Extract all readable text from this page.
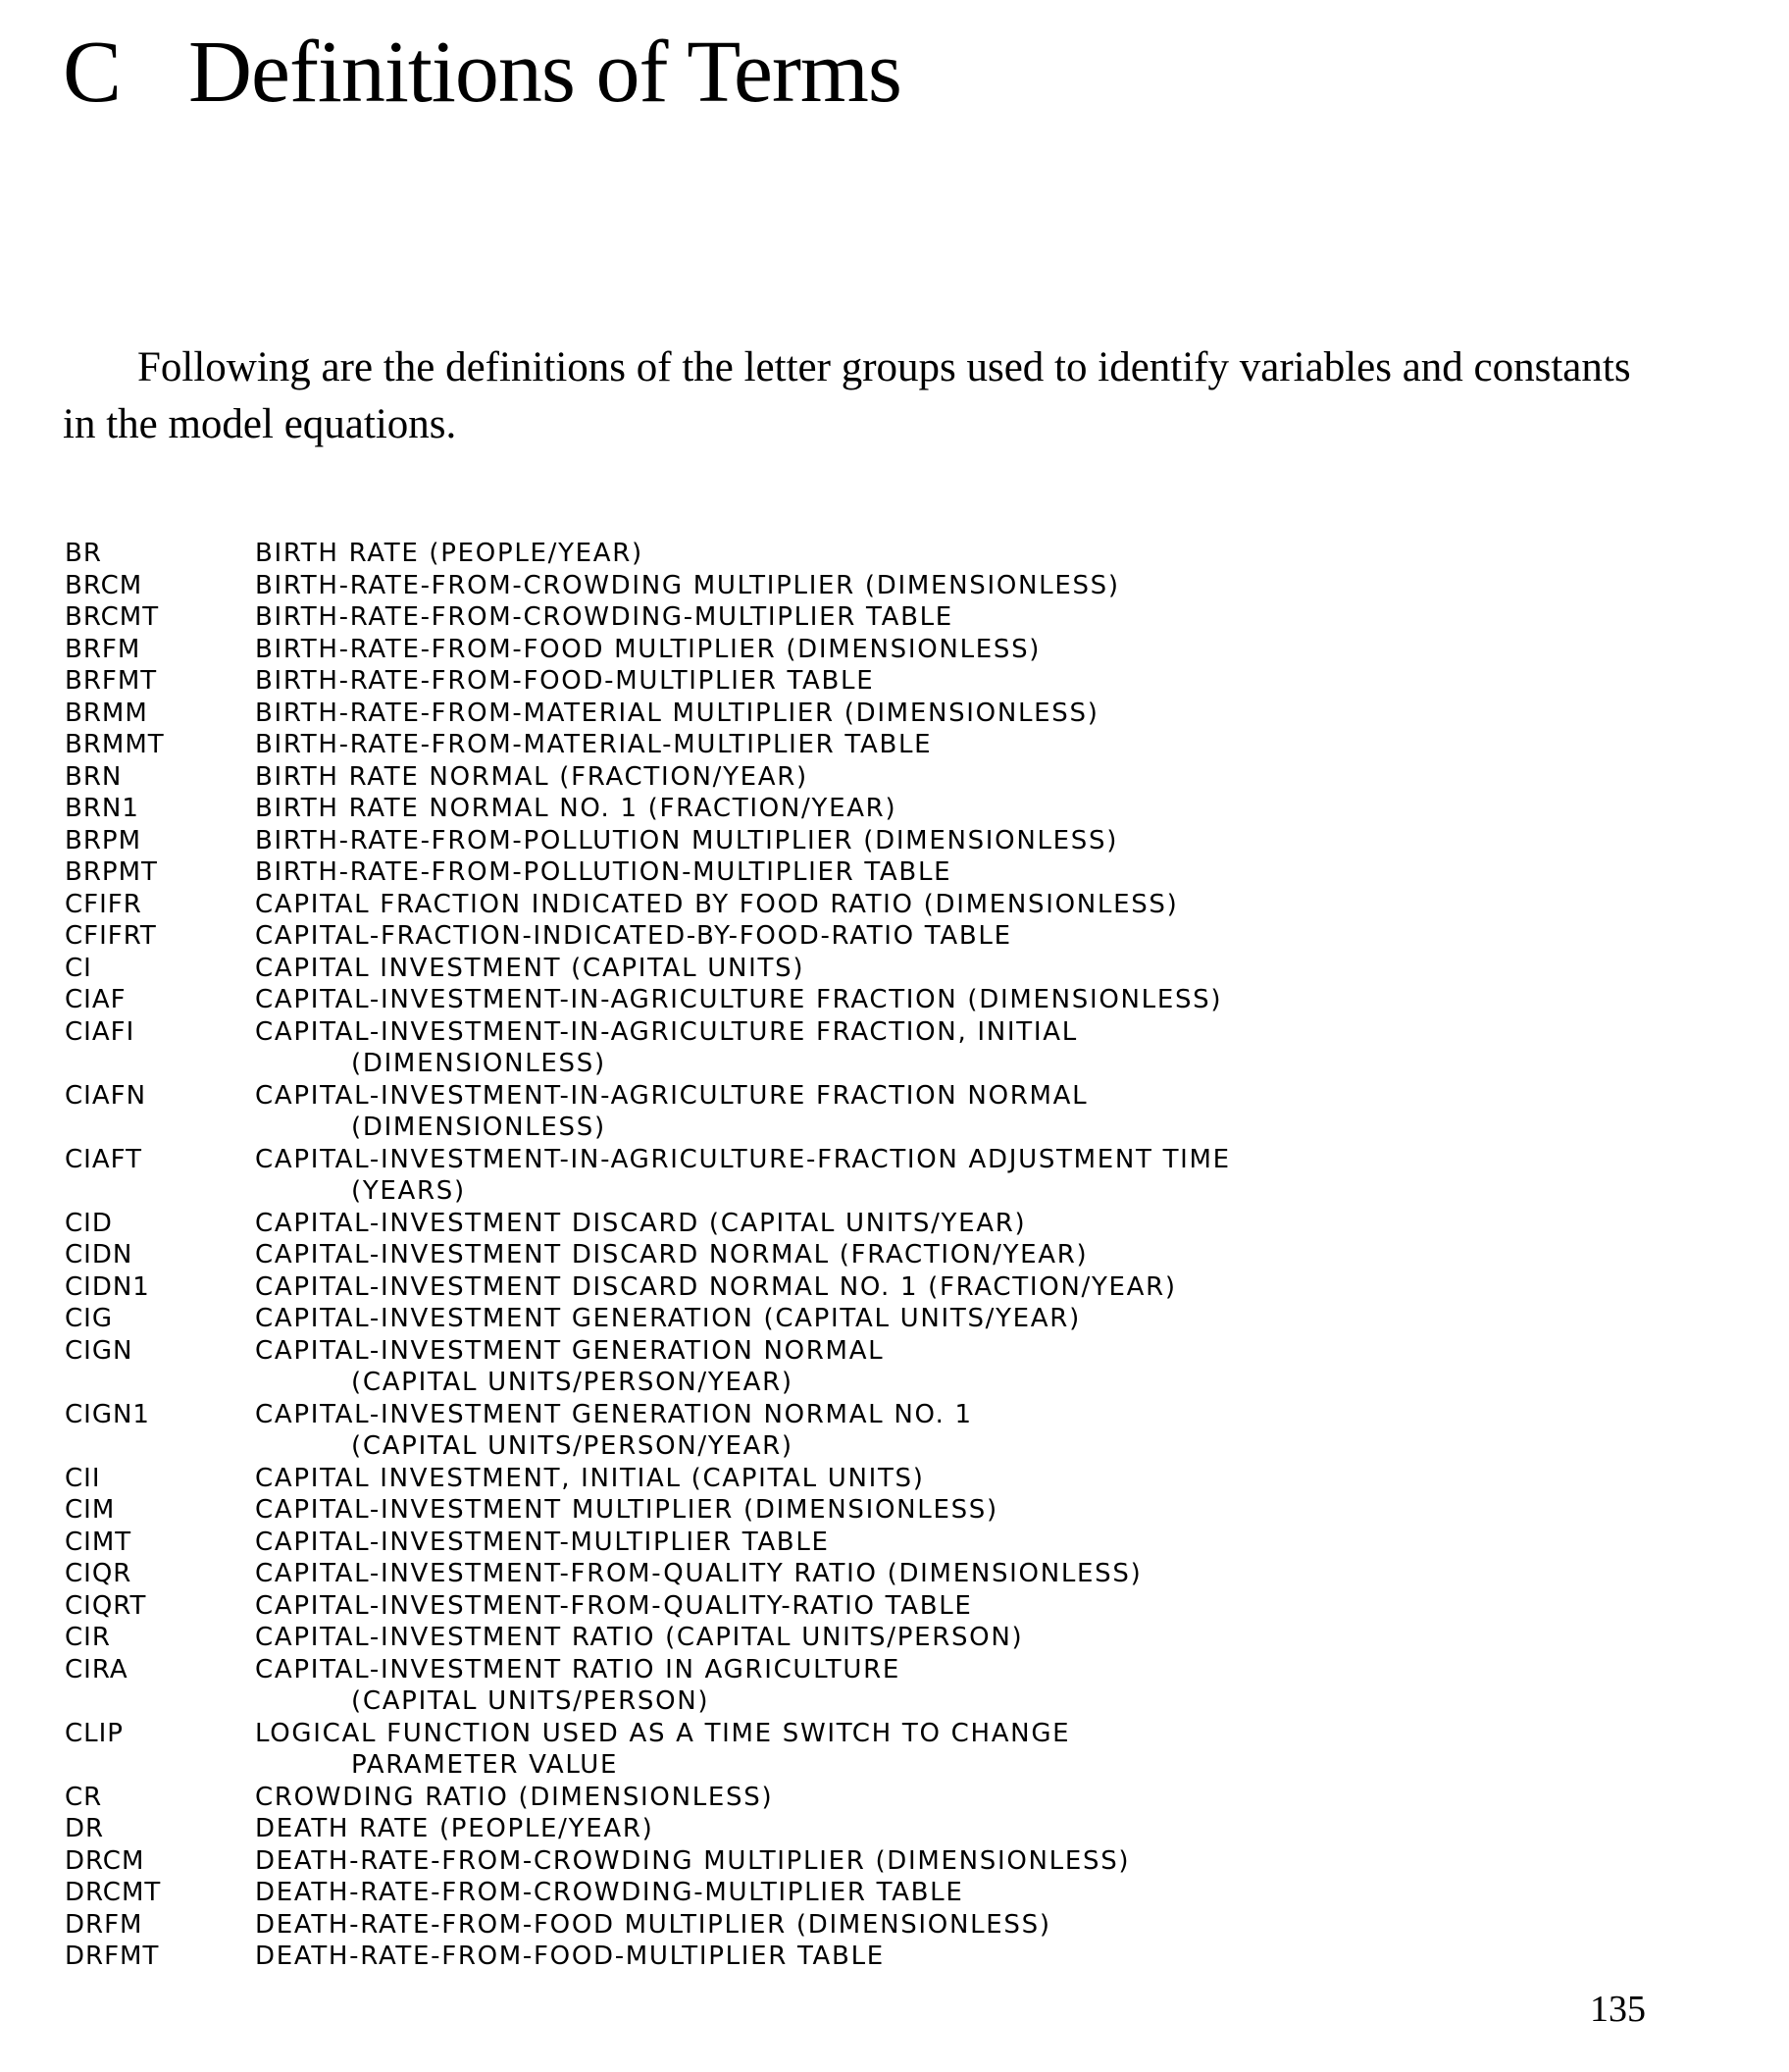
C Definitions of Terms

Following are the definitions of the letter groups used to identify variables and constants in the model equations.

BR	BIRTH RATE (PEOPLE/YEAR)
BRCM	BIRTH-RATE-FROM-CROWDING MULTIPLIER (DIMENSIONLESS)
BRCMT	BIRTH-RATE-FROM-CROWDING-MULTIPLIER TABLE
BRFM	BIRTH-RATE-FROM-FOOD MULTIPLIER (DIMENSIONLESS)
BRFMT	BIRTH-RATE-FROM-FOOD-MULTIPLIER TABLE
BRMM	BIRTH-RATE-FROM-MATERIAL MULTIPLIER (DIMENSIONLESS)
BRMMT	BIRTH-RATE-FROM-MATERIAL-MULTIPLIER TABLE
BRN	BIRTH RATE NORMAL (FRACTION/YEAR)
BRN1	BIRTH RATE NORMAL NO. 1 (FRACTION/YEAR)
BRPM	BIRTH-RATE-FROM-POLLUTION MULTIPLIER (DIMENSIONLESS)
BRPMT	BIRTH-RATE-FROM-POLLUTION-MULTIPLIER TABLE
CFIFR	CAPITAL FRACTION INDICATED BY FOOD RATIO (DIMENSIONLESS)
CFIFRT	CAPITAL-FRACTION-INDICATED-BY-FOOD-RATIO TABLE
CI	CAPITAL INVESTMENT (CAPITAL UNITS)
CIAF	CAPITAL-INVESTMENT-IN-AGRICULTURE FRACTION (DIMENSIONLESS)
CIAFI	CAPITAL-INVESTMENT-IN-AGRICULTURE FRACTION, INITIAL
(DIMENSIONLESS)
CIAFN	CAPITAL-INVESTMENT-IN-AGRICULTURE FRACTION NORMAL
(DIMENSIONLESS)
CIAFT	CAPITAL-INVESTMENT-IN-AGRICULTURE-FRACTION ADJUSTMENT TIME
(YEARS)
CID	CAPITAL-INVESTMENT DISCARD (CAPITAL UNITS/YEAR)
CIDN	CAPITAL-INVESTMENT DISCARD NORMAL (FRACTION/YEAR)
CIDN1	CAPITAL-INVESTMENT DISCARD NORMAL NO. 1 (FRACTION/YEAR)
CIG	CAPITAL-INVESTMENT GENERATION (CAPITAL UNITS/YEAR)
CIGN	CAPITAL-INVESTMENT GENERATION NORMAL
(CAPITAL UNITS/PERSON/YEAR)
CIGN1	CAPITAL-INVESTMENT GENERATION NORMAL NO. 1
(CAPITAL UNITS/PERSON/YEAR)
CII	CAPITAL INVESTMENT, INITIAL (CAPITAL UNITS)
CIM	CAPITAL-INVESTMENT MULTIPLIER (DIMENSIONLESS)
CIMT	CAPITAL-INVESTMENT-MULTIPLIER TABLE
CIQR	CAPITAL-INVESTMENT-FROM-QUALITY RATIO (DIMENSIONLESS)
CIQRT	CAPITAL-INVESTMENT-FROM-QUALITY-RATIO TABLE
CIR	CAPITAL-INVESTMENT RATIO (CAPITAL UNITS/PERSON)
CIRA	CAPITAL-INVESTMENT RATIO IN AGRICULTURE
(CAPITAL UNITS/PERSON)
CLIP	LOGICAL FUNCTION USED AS A TIME SWITCH TO CHANGE
PARAMETER VALUE
CR	CROWDING RATIO (DIMENSIONLESS)
DR	DEATH RATE (PEOPLE/YEAR)
DRCM	DEATH-RATE-FROM-CROWDING MULTIPLIER (DIMENSIONLESS)
DRCMT	DEATH-RATE-FROM-CROWDING-MULTIPLIER TABLE
DRFM	DEATH-RATE-FROM-FOOD MULTIPLIER (DIMENSIONLESS)
DRFMT	DEATH-RATE-FROM-FOOD-MULTIPLIER TABLE

135
